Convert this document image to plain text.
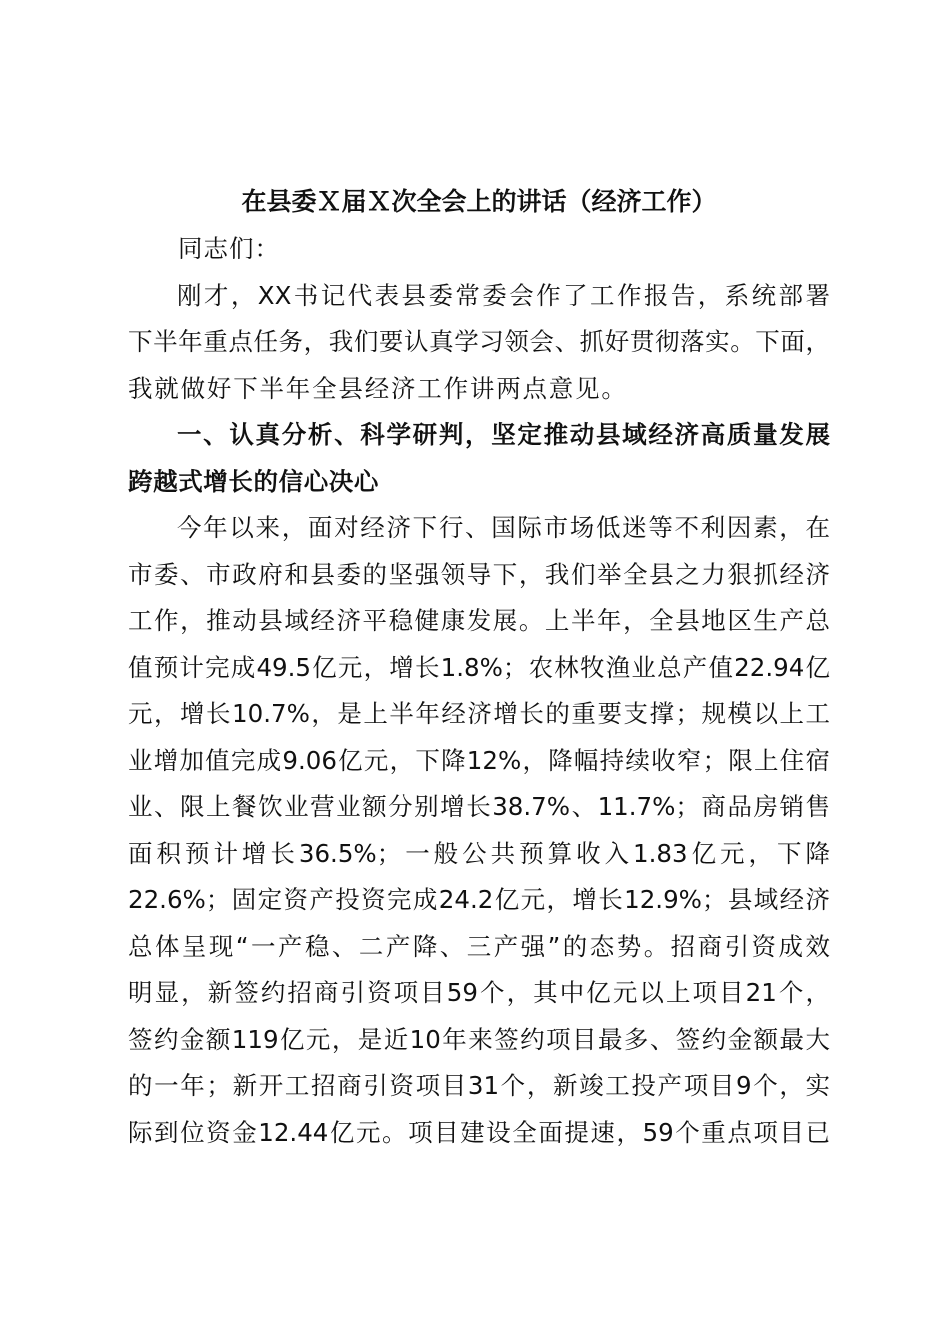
在县委Ｘ届Ｘ次全会上的讲话（经济工作）

同志们：

刚才，XX书记代表县委常委会作了工作报告，系统部署

下半年重点任务，我们要认真学习领会、抓好贯彻落实。下面，

我就做好下半年全县经济工作讲两点意见。

一、认真分析、科学研判，坚定推动县域经济高质量发展

跨越式增长的信心决心

今年以来，面对经济下行、国际市场低迷等不利因素，在

市委、市政府和县委的坚强领导下，我们举全县之力狠抓经济

工作，推动县域经济平稳健康发展。上半年，全县地区生产总

值预计完成49.5亿元，增长1.8%；农林牧渔业总产值22.94亿

元，增长10.7%，是上半年经济增长的重要支撑；规模以上工

业增加值完成9.06亿元，下降12%，降幅持续收窄；限上住宿

业、限上餐饮业营业额分别增长38.7%、11.7%；商品房销售

面积预计增长36.5%；一般公共预算收入1.83亿元，下降

22.6%；固定资产投资完成24.2亿元，增长12.9%；县域经济

总体呈现“一产稳、二产降、三产强”的态势。招商引资成效

明显，新签约招商引资项目59个，其中亿元以上项目21个，

签约金额119亿元，是近10年来签约项目最多、签约金额最大

的一年；新开工招商引资项目31个，新竣工投产项目9个，实

际到位资金12.44亿元。项目建设全面提速，59个重点项目已
